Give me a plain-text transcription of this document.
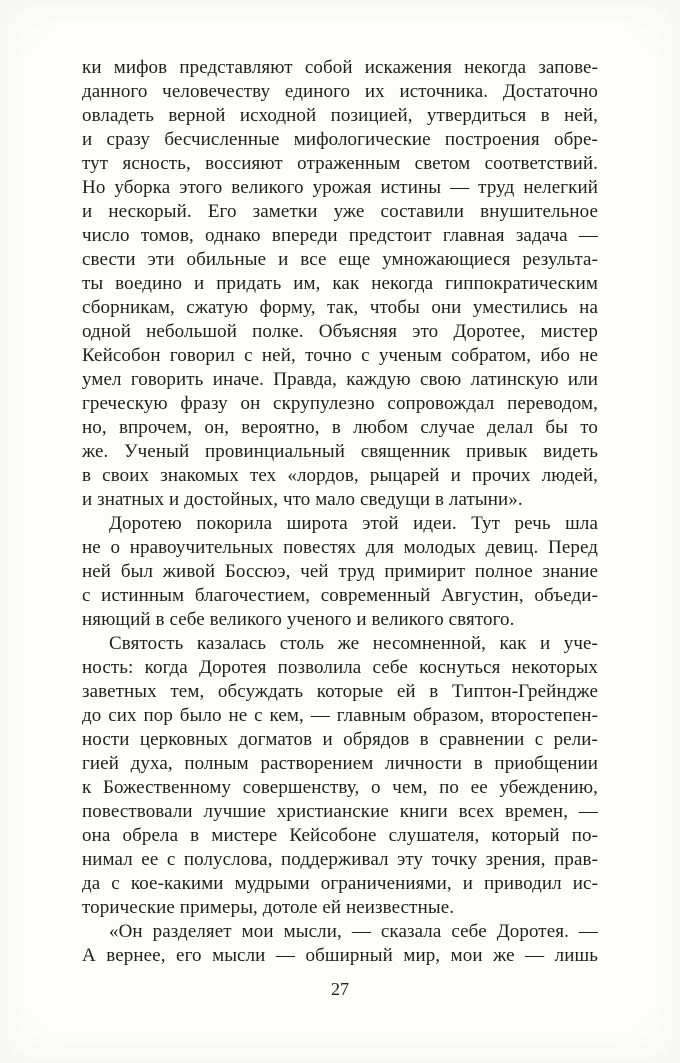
ки мифов представляют собой искажения некогда запове-
данного человечеству единого их источника. Достаточно
овладеть верной исходной позицией, утвердиться в ней,
и сразу бесчисленные мифологические построения обре-
тут ясность, воссияют отраженным светом соответствий.
Но уборка этого великого урожая истины — труд нелегкий
и нескорый. Его заметки уже составили внушительное
число томов, однако впереди предстоит главная задача —
свести эти обильные и все еще умножающиеся результа-
ты воедино и придать им, как некогда гиппократическим
сборникам, сжатую форму, так, чтобы они уместились на
одной небольшой полке. Объясняя это Доротее, мистер
Кейсобон говорил с ней, точно с ученым собратом, ибо не
умел говорить иначе. Правда, каждую свою латинскую или
греческую фразу он скрупулезно сопровождал переводом,
но, впрочем, он, вероятно, в любом случае делал бы то
же. Ученый провинциальный священник привык видеть
в своих знакомых тех «лордов, рыцарей и прочих людей,
и знатных и достойных, что мало сведущи в латыни».
Доротею покорила широта этой идеи. Тут речь шла
не о нравоучительных повестях для молодых девиц. Перед
ней был живой Боссюэ, чей труд примирит полное знание
с истинным благочестием, современный Августин, объеди-
няющий в себе великого ученого и великого святого.
Святость казалась столь же несомненной, как и уче-
ность: когда Доротея позволила себе коснуться некоторых
заветных тем, обсуждать которые ей в Типтон-Грейндже
до сих пор было не с кем, — главным образом, второстепен-
ности церковных догматов и обрядов в сравнении с рели-
гией духа, полным растворением личности в приобщении
к Божественному совершенству, о чем, по ее убеждению,
повествовали лучшие христианские книги всех времен, —
она обрела в мистере Кейсобоне слушателя, который по-
нимал ее с полуслова, поддерживал эту точку зрения, прав-
да с кое-какими мудрыми ограничениями, и приводил ис-
торические примеры, дотоле ей неизвестные.
«Он разделяет мои мысли, — сказала себе Доротея. —
А вернее, его мысли — обширный мир, мои же — лишь
27
